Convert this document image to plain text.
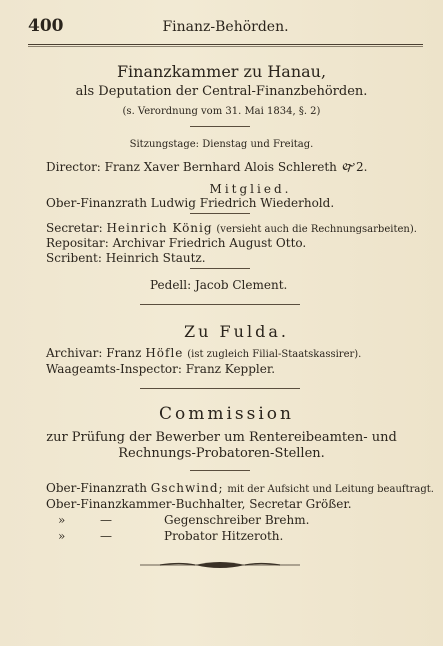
400	Finanz-Behörden.
Finanzkammer zu Hanau,
als Deputation der Central-Finanzbehörden.
(s. Verordnung vom 31. Mai 1834, §. 2)
Sitzungstage: Dienstag und Freitag.
Director: Franz Xaver Bernhard Alois Schlereth 🙰2.
Mitglied.
Ober-Finanzrath Ludwig Friedrich Wiederhold.
Secretar: Heinrich König (versieht auch die Rechnungsarbeiten).
Repositar: Archivar Friedrich August Otto.
Scribent: Heinrich Stautz.
Pedell: Jacob Clement.
Zu Fulda.
Archivar: Franz Höfle (ist zugleich Filial-Staatskassirer).
Waageamts-Inspector: Franz Keppler.
Commission
zur Prüfung der Bewerber um Rentereibeamten- und
Rechnungs-Probatoren-Stellen.
Ober-Finanzrath Gschwind; mit der Aufsicht und Leitung beauftragt.
Ober-Finanzkammer-Buchhalter, Secretar Größer.
»	—	Gegenschreiber Brehm.
»	—	Probator Hitzeroth.
